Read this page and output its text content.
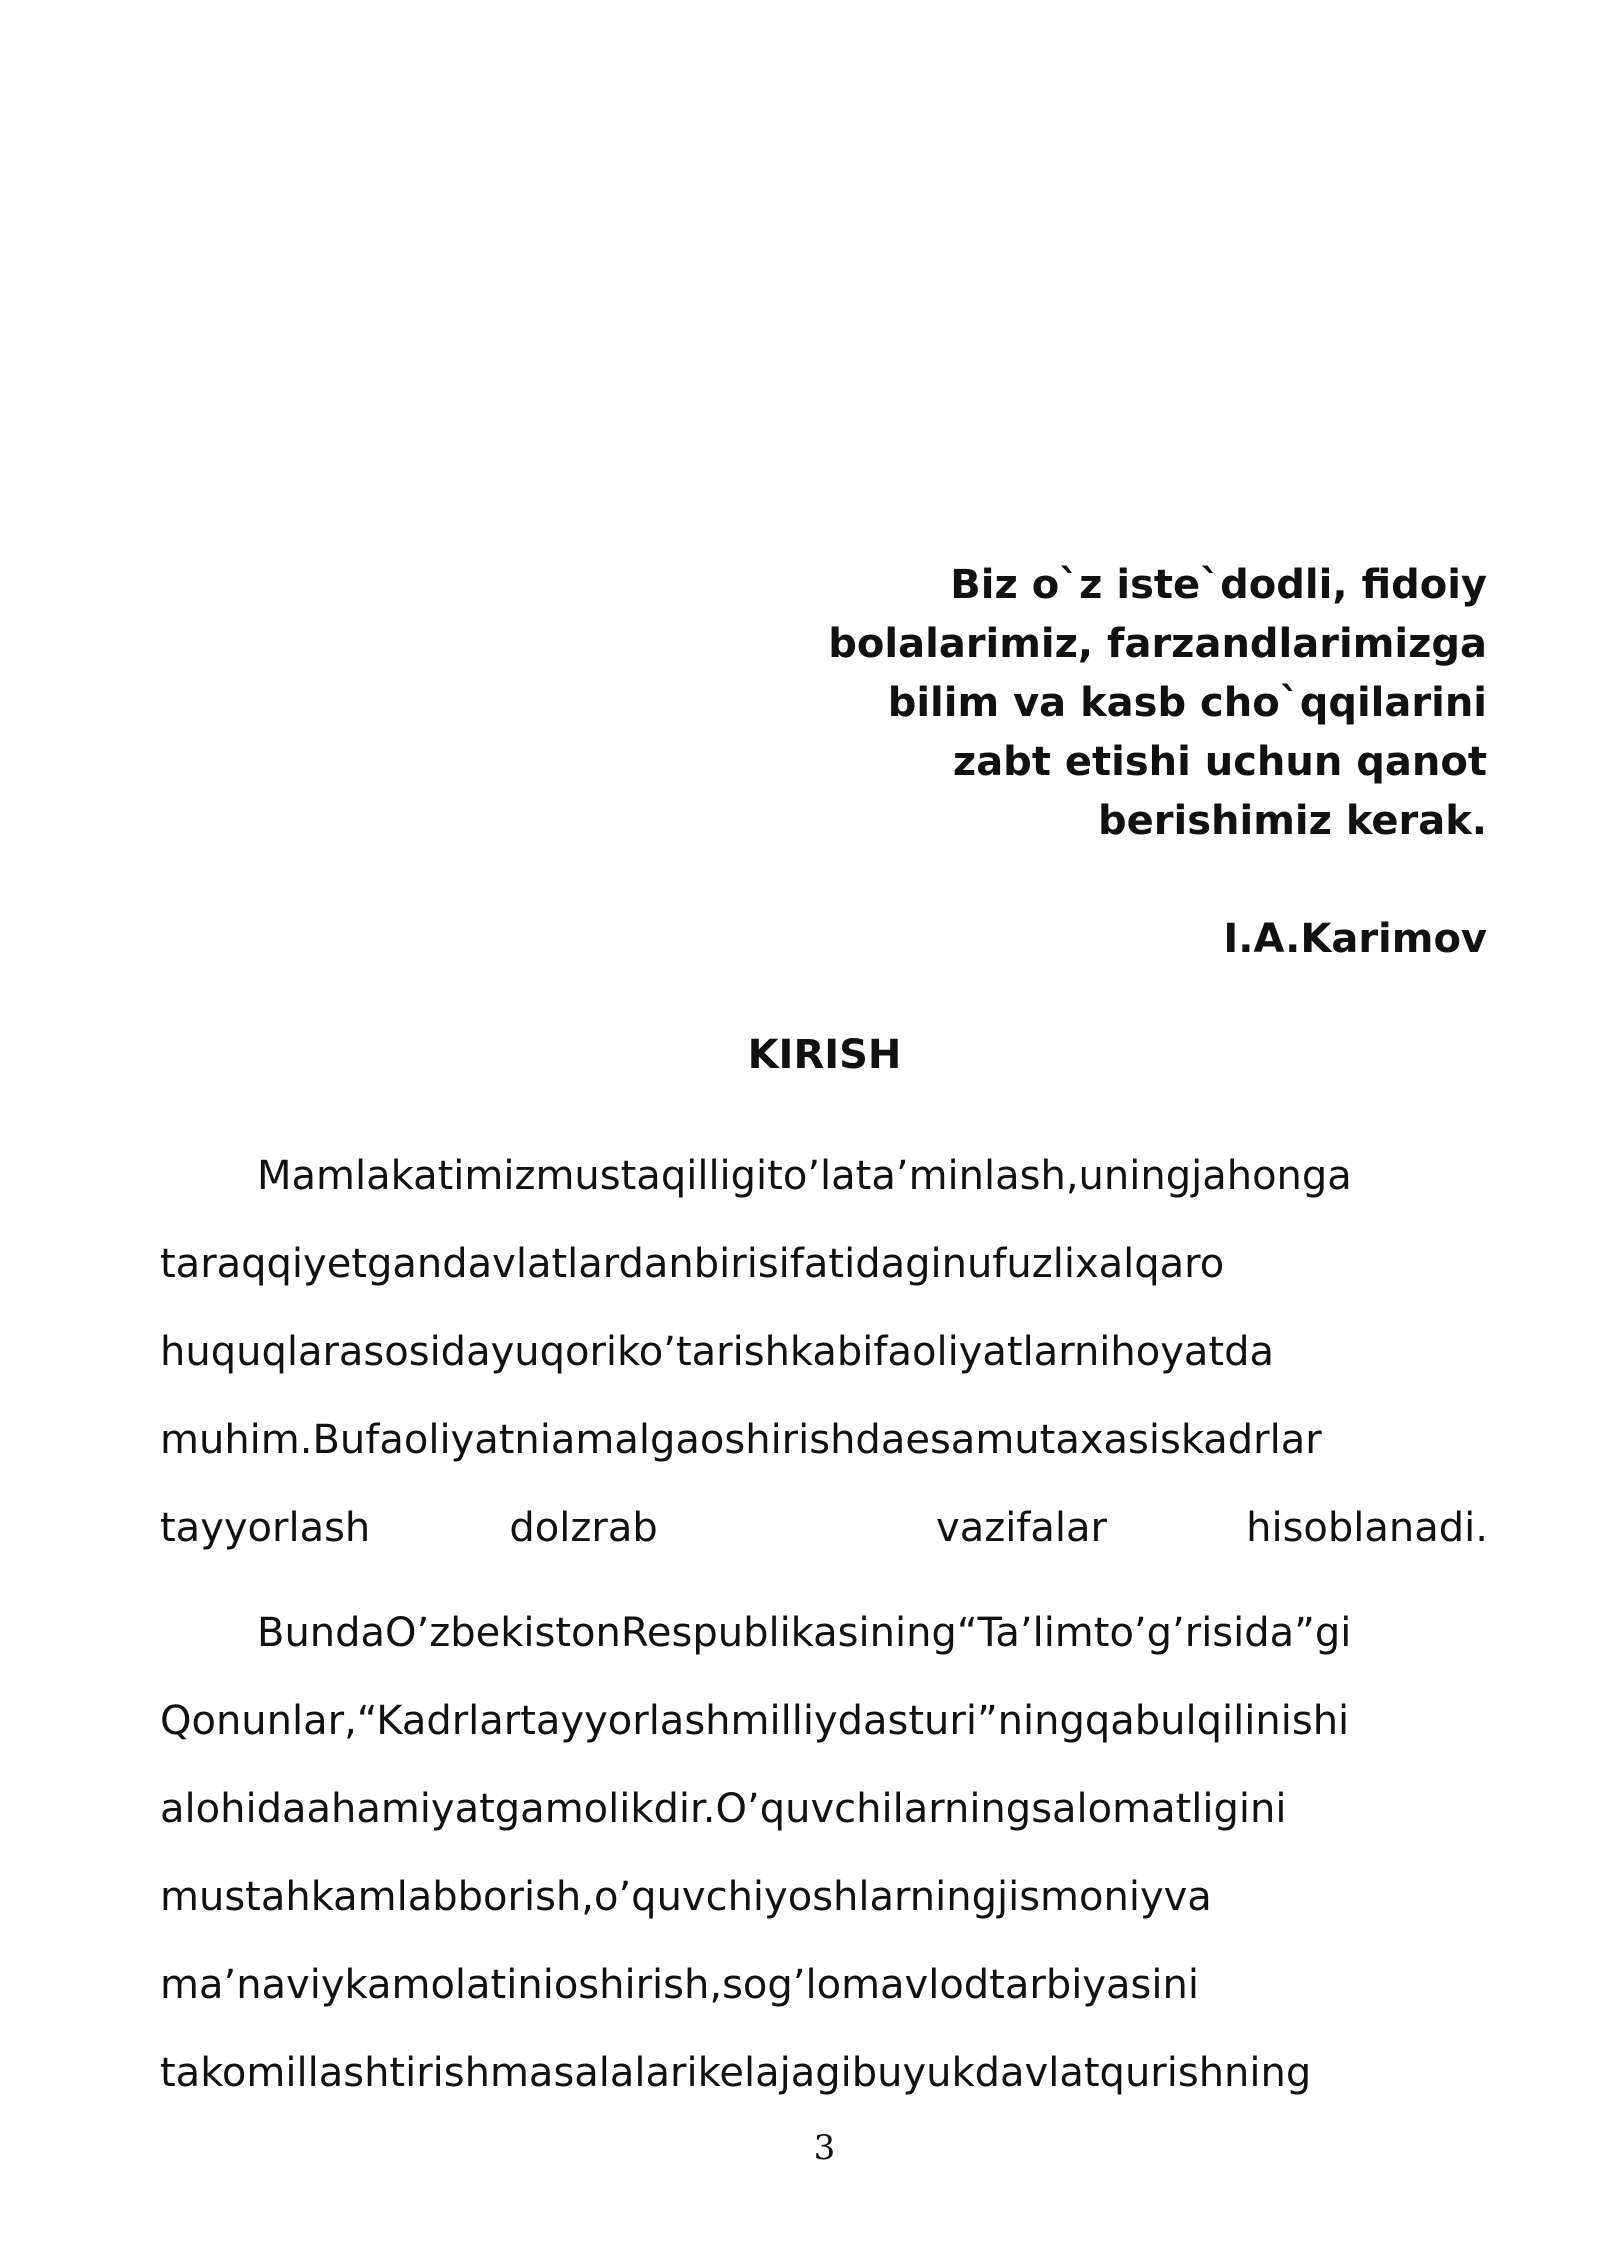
Biz o`z iste`dodli, fidoiy
bolalarimiz, farzandlarimizga
bilim va kasb cho`qqilarini
zabt etishi uchun qanot
berishimiz kerak.
I.A.Karimov
KIRISH
Mamlakatimizmustaqilligito’lata’minlash,uningjahonga
taraqqiyetgandavlatlardanbirisifatidaginufuzlixalqaro
huquqlarasosidayuqoriko’tarishkabifaoliyatlarnihoyatda
muhim.Bufaoliyatniamalgaoshirishdaesamutaxasiskadrlar
tayyorlash dolzrab  vazifalar hisoblanadi.
BundaO’zbekistonRespublikasining“Ta’limto’g’risida”gi
Qonunlar,“Kadrlartayyorlashmilliydasturi”ningqabulqilinishi
alohidaahamiyatgamolikdir.O’quvchilarningsalomatligini
mustahkamlabborish,o’quvchiyoshlarningjismoniyva
ma’naviykamolatinioshirish,sog’lomavlodtarbiyasini
takomillashtirishmasalalarikelajagibuyukdavlatqurishning
3
